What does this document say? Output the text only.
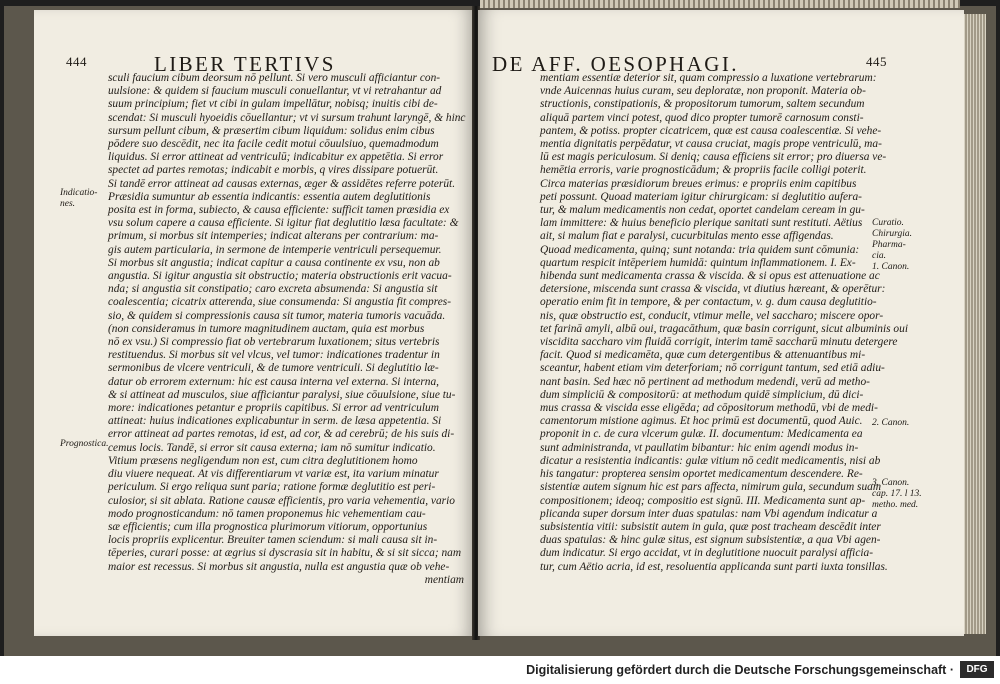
444	LIBER TERTIVS
sculi faucium cibum deorsum nō pellunt. Si vero musculi afficiantur con-
uulsione: & quidem si faucium musculi conuellantur, vt vi retrahantur ad
suum principium; fiet vt cibi in gulam impellātur, nobisq; inuitis cibi de-
scendat: Si musculi hyoeidis cōuellantur; vt vi sursum trahunt laryngē, & hinc
sursum pellunt cibum, & præsertim cibum liquidum: solidus enim cibus
pōdere suo descēdit, nec ita facile cedit motui cōuulsiuo, quemadmodum
liquidus. Si error attineat ad ventriculū; indicabitur ex appetētia. Si error
spectet ad partes remotas; indicabit e morbis, q vires dissipare potuerūt.
Si tandē error attineat ad causas externas, æger & assidētes referre poterūt.
Præsidia sumuntur ab essentia indicantis: essentia autem deglutitionis
posita est in forma, subiecto, & causa efficiente: sufficit tamen præsidia ex
vsu solum capere a causa efficiente. Si igitur fiat deglutitio læsa facultate: &
primum, si morbus sit intemperies; indicat alterans per contrarium: ma-
gis autem particularia, in sermone de intemperie ventriculi persequemur.
Si morbus sit angustia; indicat capitur a causa continente ex vsu, non ab
angustia. Si igitur angustia sit obstructio; materia obstructionis erit vacua-
nda; si angustia sit constipatio; caro excreta absumenda: Si angustia sit
coalescentia; cicatrix atterenda, siue consumenda: Si angustia fit compres-
sio, & quidem si compressionis causa sit tumor, materia tumoris vacuāda.
(non consideramus in tumore magnitudinem auctam, quia est morbus
nō ex vsu.) Si compressio fiat ob vertebrarum luxationem; situs vertebris
restituendus. Si morbus sit vel vlcus, vel tumor: indicationes tradentur in
sermonibus de vlcere ventriculi, & de tumore ventriculi. Si deglutitio læ-
datur ob errorem externum: hic est causa interna vel externa. Si interna,
& si attineat ad musculos, siue afficiantur paralysi, siue cōuulsione, siue tu-
more: indicationes petantur e propriis capitibus. Si error ad ventriculum
attineat: huius indicationes explicabuntur in serm. de læsa appetentia. Si
error attineat ad partes remotas, id est, ad cor, & ad cerebrū; de his suis di-
cemus locis. Tandē, si error sit causa externa; iam nō sumitur indicatio.
Vitium præsens negligendum non est, cum citra deglutitionem homo
diu viuere nequeat. At vis differentiarum vt variæ est, ita varium minatur
periculum. Si ergo reliqua sunt paria; ratione formæ deglutitio est peri-
culosior, si sit ablata. Ratione causæ efficientis, pro varia vehementia, vario
modo prognosticandum: nō tamen proponemus hic vehementiam cau-
sæ efficientis; cum illa prognostica plurimorum vitiorum, opportunius
locis propriis explicentur. Breuiter tamen sciendum: si mali causa sit in-
tēperies, curari posse: at ægrius si dyscrasia sit in habitu, & si sit sicca; nam
maior est recessus. Si morbus sit angustia, nulla est angustia quæ ob vehe-
mentiam
Indicatio-
nes.
Prognostica.
DE AFF. OESOPHAGI.	445
mentiam essentiæ deterior sit, quam compressio a luxatione vertebrarum:
vnde Auicennas huius curam, seu deploratæ, non proponit. Materia ob-
structionis, constipationis, & propositorum tumorum, saltem secundum
aliquā partem vinci potest, quod dico propter tumorē carnosum consti-
pantem, & potiss. propter cicatricem, quæ est causa coalescentiæ. Si vehe-
mentia dignitatis perpēdatur, vt causa cruciat, magis prope ventriculū, ma-
lū est magis periculosum. Si deniq; causa efficiens sit error; pro diuersa ve-
hemētia erroris, varie prognosticādum; & propriis facile colligi poterit.
Circa materias præsidiorum breues erimus: e propriis enim capitibus
peti possunt. Quoad materiam igitur chirurgicam: si deglutitio aufera-
tur, & malum medicamentis non cedat, oportet candelam ceream in gu-
lam immittere: & huius beneficio plerique sanitati sunt restituti. Aëtius
ait, si malum fiat e paralysi, cucurbitulas mento esse affigendas.
Quoad medicamenta, quinq; sunt notanda: tria quidem sunt cōmunia:
quartum respicit intēperiem humidā: quintum inflammationem. I. Ex-
hibenda sunt medicamenta crassa & viscida. & si opus est attenuatione ac
detersione, miscenda sunt crassa & viscida, vt diutius hæreant, & operētur:
operatio enim fit in tempore, & per contactum, v. g. dum causa deglutitio-
nis, quæ obstructio est, conducit, vtimur melle, vel saccharo; miscere opor-
tet farinā amyli, albū oui, tragacāthum, quæ basin corrigunt, sicut albuminis oui
viscidita saccharo vim fluidā corrigit, interim tamē saccharū minutu detergere
facit. Quod si medicamēta, quæ cum detergentibus & attenuantibus mi-
sceantur, habent etiam vim deterforiam; nō corrigunt tantum, sed etiā adiu-
nant basin. Sed hæc nō pertinent ad methodum medendi, verū ad metho-
dum simpliciū & compositorū: at methodum quidē simplicium, dū dici-
mus crassa & viscida esse eligēda; ad cōpositorum methodū, vbi de medi-
camentorum mistione agimus. Et hoc primū est documentū, quod Auic.
proponit in c. de cura vlcerum gulæ. II. documentum: Medicamenta ea
sunt administranda, vt paullatim bibantur: hic enim agendi modus in-
dicatur a resistentia indicantis: gulæ vitium nō cedit medicamentis, nisi ab
his tangatur: propterea sensim oportet medicamentum descendere. Re-
sistentiæ autem signum hic est pars affecta, nimirum gula, secundum suam
compositionem; ideoq; compositio est signū. III. Medicamenta sunt ap-
plicanda super dorsum inter duas spatulas: nam Vbi agendum indicatur a
subsistentia vitii: subsistit autem in gula, quæ post tracheam descēdit inter
duas spatulas: & hinc gulæ situs, est signum subsistentiæ, a qua Vbi agen-
dum indicatur. Si ergo accidat, vt in deglutitione nuocuit paralysi afficia-
tur, cum Aëtio acria, id est, resoluentia applicanda sunt parti iuxta tonsillas.
Curatio.
Chirurgia.
Pharma-
cia.
1. Canon.
2. Canon.
3. Canon.
cap. 17. l 13.
metho. med.
Digitalisierung gefördert durch die Deutsche Forschungsgemeinschaft ·	DFG
